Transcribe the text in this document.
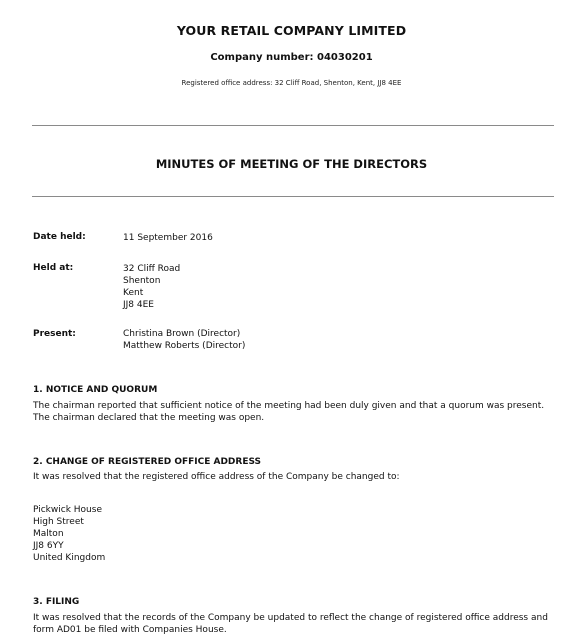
YOUR RETAIL COMPANY LIMITED
Company number: 04030201
Registered office address: 32 Cliff Road, Shenton, Kent, JJ8 4EE
MINUTES OF MEETING OF THE DIRECTORS
Date held:	11 September 2016
Held at:	32 Cliff Road
Shenton
Kent
JJ8 4EE
Present:	Christina Brown (Director)
Matthew Roberts (Director)
1. NOTICE AND QUORUM
The chairman reported that sufficient notice of the meeting had been duly given and that a quorum was present. The chairman declared that the meeting was open.
2. CHANGE OF REGISTERED OFFICE ADDRESS
It was resolved that the registered office address of the Company be changed to:
Pickwick House
High Street
Malton
JJ8 6YY
United Kingdom
3. FILING
It was resolved that the records of the Company be updated to reflect the change of registered office address and form AD01 be filed with Companies House.
